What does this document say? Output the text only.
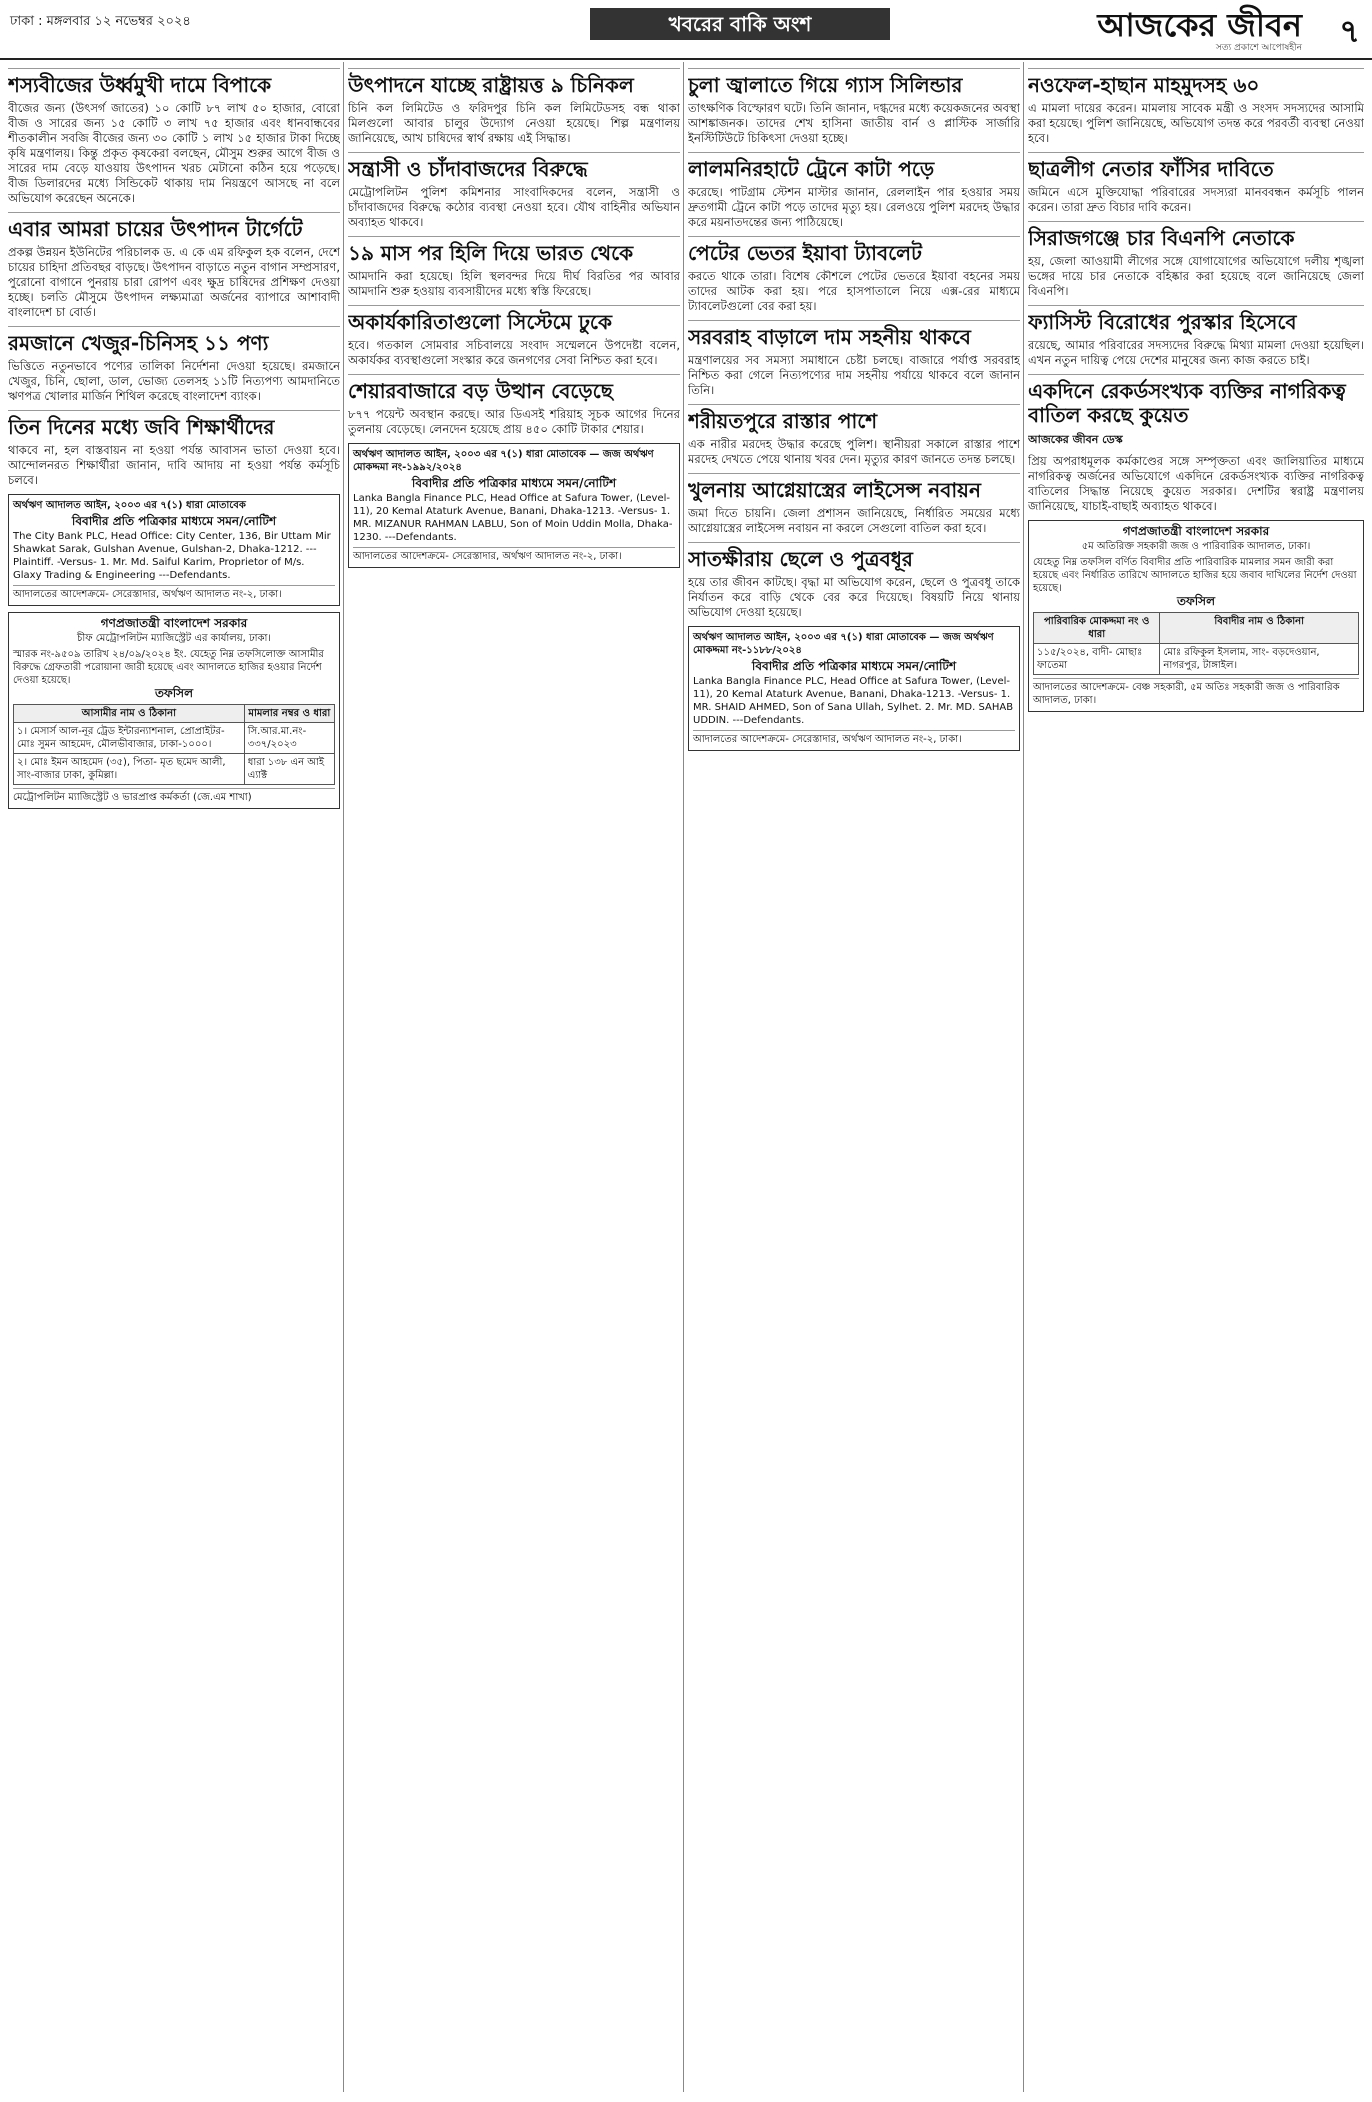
ঢাকা : মঙ্গলবার ১২ নভেম্বর ২০২৪	খবরের বাকি অংশ	আজকের জীবন
সত্য প্রকাশে আপোষহীন ৭
শস্যবীজের উর্ধ্বমুখী দামে বিপাকে

বীজের জন্য (উৎসর্গ জাতের) ১০ কোটি ৮৭ লাখ ৫০ হাজার, বোরো বীজ ও সারের জন্য ১৫ কোটি ৩ লাখ ৭৫ হাজার এবং ধানবান্ধবের শীতকালীন সবজি বীজের জন্য ৩০ কোটি ১ লাখ ১৫ হাজার টাকা দিচ্ছে কৃষি মন্ত্রণালয়। কিন্তু প্রকৃত কৃষকেরা বলছেন, মৌসুম শুরুর আগে বীজ ও সারের দাম বেড়ে যাওয়ায় উৎপাদন খরচ মেটানো কঠিন হয়ে পড়েছে। বীজ ডিলারদের মধ্যে সিন্ডিকেট থাকায় দাম নিয়ন্ত্রণে আসছে না বলে অভিযোগ করেছেন অনেকে।

এবার আমরা চায়ের উৎপাদন টার্গেটে

প্রকল্প উন্নয়ন ইউনিটের পরিচালক ড. এ কে এম রফিকুল হক বলেন, দেশে চায়ের চাহিদা প্রতিবছর বাড়ছে। উৎপাদন বাড়াতে নতুন বাগান সম্প্রসারণ, পুরোনো বাগানে পুনরায় চারা রোপণ এবং ক্ষুদ্র চাষিদের প্রশিক্ষণ দেওয়া হচ্ছে। চলতি মৌসুমে উৎপাদন লক্ষ্যমাত্রা অর্জনের ব্যাপারে আশাবাদী বাংলাদেশ চা বোর্ড।

রমজানে খেজুর-চিনিসহ ১১ পণ্য

ভিত্তিতে নতুনভাবে পণ্যের তালিকা নির্দেশনা দেওয়া হয়েছে। রমজানে খেজুর, চিনি, ছোলা, ডাল, ভোজ্য তেলসহ ১১টি নিত্যপণ্য আমদানিতে ঋণপত্র খোলার মার্জিন শিথিল করেছে বাংলাদেশ ব্যাংক।

তিন দিনের মধ্যে জবি শিক্ষার্থীদের

থাকবে না, হল বাস্তবায়ন না হওয়া পর্যন্ত আবাসন ভাতা দেওয়া হবে। আন্দোলনরত শিক্ষার্থীরা জানান, দাবি আদায় না হওয়া পর্যন্ত কর্মসূচি চলবে।

অর্থঋণ আদালত আইন, ২০০৩ এর ৭(১) ধারা মোতাবেক
বিবাদীর প্রতি পত্রিকার মাধ্যমে সমন/নোটিশ
The City Bank PLC, Head Office: City Center, 136, Bir Uttam Mir Shawkat Sarak, Gulshan Avenue, Gulshan-2, Dhaka-1212. ---Plaintiff. -Versus- 1. Mr. Md. Saiful Karim, Proprietor of M/s. Glaxy Trading & Engineering ---Defendants.
আদালতের আদেশক্রমে- সেরেস্তাদার, অর্থঋণ আদালত নং-২, ঢাকা।
গণপ্রজাতন্ত্রী বাংলাদেশ সরকার
চীফ মেট্রোপলিটন ম্যাজিস্ট্রেট এর কার্যালয়, ঢাকা।
স্মারক নং-৯৫০৯ তারিখ ২৪/০৯/২০২৪ ইং. যেহেতু নিম্ন তফসিলোক্ত আসামীর বিরুদ্ধে গ্রেফতারী পরোয়ানা জারী হয়েছে এবং আদালতে হাজির হওয়ার নির্দেশ দেওয়া হয়েছে।
তফসিল
আসামীর নাম ও ঠিকানা	মামলার নম্বর ও ধারা
১। মেসার্স আল-নূর ট্রেড ইন্টারন্যাশনাল, প্রোপ্রাইটর- মোঃ সুমন আহমেদ, মৌলভীবাজার, ঢাকা-১০০০।	সি.আর.মা.নং- ৩৩৭/২০২৩
২। মোঃ ইমন আহমেদ (৩৫), পিতা- মৃত ছমেদ আলী, সাং-বাজার ঢাকা, কুমিল্লা।	ধারা ১৩৮ এন আই এ্যাক্ট
মেট্রোপলিটন ম্যাজিস্ট্রেট ও ভারপ্রাপ্ত কর্মকর্তা (জে.এম শাখা)
উৎপাদনে যাচ্ছে রাষ্ট্রায়ত্ত ৯ চিনিকল

চিনি কল লিমিটেড ও ফরিদপুর চিনি কল লিমিটেডসহ বন্ধ থাকা মিলগুলো আবার চালুর উদ্যোগ নেওয়া হয়েছে। শিল্প মন্ত্রণালয় জানিয়েছে, আখ চাষিদের স্বার্থ রক্ষায় এই সিদ্ধান্ত।

সন্ত্রাসী ও চাঁদাবাজদের বিরুদ্ধে

মেট্রোপলিটন পুলিশ কমিশনার সাংবাদিকদের বলেন, সন্ত্রাসী ও চাঁদাবাজদের বিরুদ্ধে কঠোর ব্যবস্থা নেওয়া হবে। যৌথ বাহিনীর অভিযান অব্যাহত থাকবে।

১৯ মাস পর হিলি দিয়ে ভারত থেকে

আমদানি করা হয়েছে। হিলি স্থলবন্দর দিয়ে দীর্ঘ বিরতির পর আবার আমদানি শুরু হওয়ায় ব্যবসায়ীদের মধ্যে স্বস্তি ফিরেছে।

অকার্যকারিতাগুলো সিস্টেমে ঢুকে

হবে। গতকাল সোমবার সচিবালয়ে সংবাদ সম্মেলনে উপদেষ্টা বলেন, অকার্যকর ব্যবস্থাগুলো সংস্কার করে জনগণের সেবা নিশ্চিত করা হবে।

শেয়ারবাজারে বড় উত্থান বেড়েছে

৮৭৭ পয়েন্ট অবস্থান করছে। আর ডিএসই শরিয়াহ সূচক আগের দিনের তুলনায় বেড়েছে। লেনদেন হয়েছে প্রায় ৪৫০ কোটি টাকার শেয়ার।

অর্থঋণ আদালত আইন, ২০০৩ এর ৭(১) ধারা মোতাবেক — জজ অর্থঋণ মোকদ্দমা নং-১৯৯২/২০২৪
বিবাদীর প্রতি পত্রিকার মাধ্যমে সমন/নোটিশ
Lanka Bangla Finance PLC, Head Office at Safura Tower, (Level-11), 20 Kemal Ataturk Avenue, Banani, Dhaka-1213. -Versus- 1. MR. MIZANUR RAHMAN LABLU, Son of Moin Uddin Molla, Dhaka-1230. ---Defendants.
আদালতের আদেশক্রমে- সেরেস্তাদার, অর্থঋণ আদালত নং-২, ঢাকা।
চুলা জ্বালাতে গিয়ে গ্যাস সিলিন্ডার

তাৎক্ষণিক বিস্ফোরণ ঘটে। তিনি জানান, দগ্ধদের মধ্যে কয়েকজনের অবস্থা আশঙ্কাজনক। তাদের শেখ হাসিনা জাতীয় বার্ন ও প্লাস্টিক সার্জারি ইনস্টিটিউটে চিকিৎসা দেওয়া হচ্ছে।

লালমনিরহাটে ট্রেনে কাটা পড়ে

করেছে। পাটগ্রাম স্টেশন মাস্টার জানান, রেললাইন পার হওয়ার সময় দ্রুতগামী ট্রেনে কাটা পড়ে তাদের মৃত্যু হয়। রেলওয়ে পুলিশ মরদেহ উদ্ধার করে ময়নাতদন্তের জন্য পাঠিয়েছে।

পেটের ভেতর ইয়াবা ট্যাবলেট

করতে থাকে তারা। বিশেষ কৌশলে পেটের ভেতরে ইয়াবা বহনের সময় তাদের আটক করা হয়। পরে হাসপাতালে নিয়ে এক্স-রের মাধ্যমে ট্যাবলেটগুলো বের করা হয়।

সরবরাহ বাড়ালে দাম সহনীয় থাকবে

মন্ত্রণালয়ের সব সমস্যা সমাধানে চেষ্টা চলছে। বাজারে পর্যাপ্ত সরবরাহ নিশ্চিত করা গেলে নিত্যপণ্যের দাম সহনীয় পর্যায়ে থাকবে বলে জানান তিনি।

শরীয়তপুরে রাস্তার পাশে

এক নারীর মরদেহ উদ্ধার করেছে পুলিশ। স্থানীয়রা সকালে রাস্তার পাশে মরদেহ দেখতে পেয়ে থানায় খবর দেন। মৃত্যুর কারণ জানতে তদন্ত চলছে।

খুলনায় আগ্নেয়াস্ত্রের লাইসেন্স নবায়ন

জমা দিতে চায়নি। জেলা প্রশাসন জানিয়েছে, নির্ধারিত সময়ের মধ্যে আগ্নেয়াস্ত্রের লাইসেন্স নবায়ন না করলে সেগুলো বাতিল করা হবে।

সাতক্ষীরায় ছেলে ও পুত্রবধূর

হয়ে তার জীবন কাটছে। বৃদ্ধা মা অভিযোগ করেন, ছেলে ও পুত্রবধূ তাকে নির্যাতন করে বাড়ি থেকে বের করে দিয়েছে। বিষয়টি নিয়ে থানায় অভিযোগ দেওয়া হয়েছে।

অর্থঋণ আদালত আইন, ২০০৩ এর ৭(১) ধারা মোতাবেক — জজ অর্থঋণ মোকদ্দমা নং-১১৮৮/২০২৪
বিবাদীর প্রতি পত্রিকার মাধ্যমে সমন/নোটিশ
Lanka Bangla Finance PLC, Head Office at Safura Tower, (Level-11), 20 Kemal Ataturk Avenue, Banani, Dhaka-1213. -Versus- 1. MR. SHAID AHMED, Son of Sana Ullah, Sylhet. 2. Mr. MD. SAHAB UDDIN. ---Defendants.
আদালতের আদেশক্রমে- সেরেস্তাদার, অর্থঋণ আদালত নং-২, ঢাকা।
নওফেল-হাছান মাহমুদসহ ৬০

এ মামলা দায়ের করেন। মামলায় সাবেক মন্ত্রী ও সংসদ সদস্যদের আসামি করা হয়েছে। পুলিশ জানিয়েছে, অভিযোগ তদন্ত করে পরবর্তী ব্যবস্থা নেওয়া হবে।

ছাত্রলীগ নেতার ফাঁসির দাবিতে

জমিনে এসে মুক্তিযোদ্ধা পরিবারের সদস্যরা মানববন্ধন কর্মসূচি পালন করেন। তারা দ্রুত বিচার দাবি করেন।

সিরাজগঞ্জে চার বিএনপি নেতাকে

হয়, জেলা আওয়ামী লীগের সঙ্গে যোগাযোগের অভিযোগে দলীয় শৃঙ্খলা ভঙ্গের দায়ে চার নেতাকে বহিষ্কার করা হয়েছে বলে জানিয়েছে জেলা বিএনপি।

ফ্যাসিস্ট বিরোধের পুরস্কার হিসেবে

রয়েছে, আমার পরিবারের সদস্যদের বিরুদ্ধে মিথ্যা মামলা দেওয়া হয়েছিল। এখন নতুন দায়িত্ব পেয়ে দেশের মানুষের জন্য কাজ করতে চাই।

একদিনে রেকর্ডসংখ্যক ব্যক্তির নাগরিকত্ব বাতিল করছে কুয়েত
আজকের জীবন ডেস্ক

প্রিয় অপরাধমূলক কর্মকাণ্ডের সঙ্গে সম্পৃক্ততা এবং জালিয়াতির মাধ্যমে নাগরিকত্ব অর্জনের অভিযোগে একদিনে রেকর্ডসংখ্যক ব্যক্তির নাগরিকত্ব বাতিলের সিদ্ধান্ত নিয়েছে কুয়েত সরকার। দেশটির স্বরাষ্ট্র মন্ত্রণালয় জানিয়েছে, যাচাই-বাছাই অব্যাহত থাকবে।

গণপ্রজাতন্ত্রী বাংলাদেশ সরকার
৫ম অতিরিক্ত সহকারী জজ ও পারিবারিক আদালত, ঢাকা।
যেহেতু নিম্ন তফসিল বর্ণিত বিবাদীর প্রতি পারিবারিক মামলার সমন জারী করা হয়েছে এবং নির্ধারিত তারিখে আদালতে হাজির হয়ে জবাব দাখিলের নির্দেশ দেওয়া হয়েছে।
তফসিল
পারিবারিক মোকদ্দমা নং ও ধারা	বিবাদীর নাম ও ঠিকানা
১১৫/২০২৪, বাদী- মোছাঃ ফাতেমা	মোঃ রফিকুল ইসলাম, সাং- বড়দেওয়ান, নাগরপুর, টাঙ্গাইল।
আদালতের আদেশক্রমে- বেঞ্চ সহকারী, ৫ম অতিঃ সহকারী জজ ও পারিবারিক আদালত, ঢাকা।
